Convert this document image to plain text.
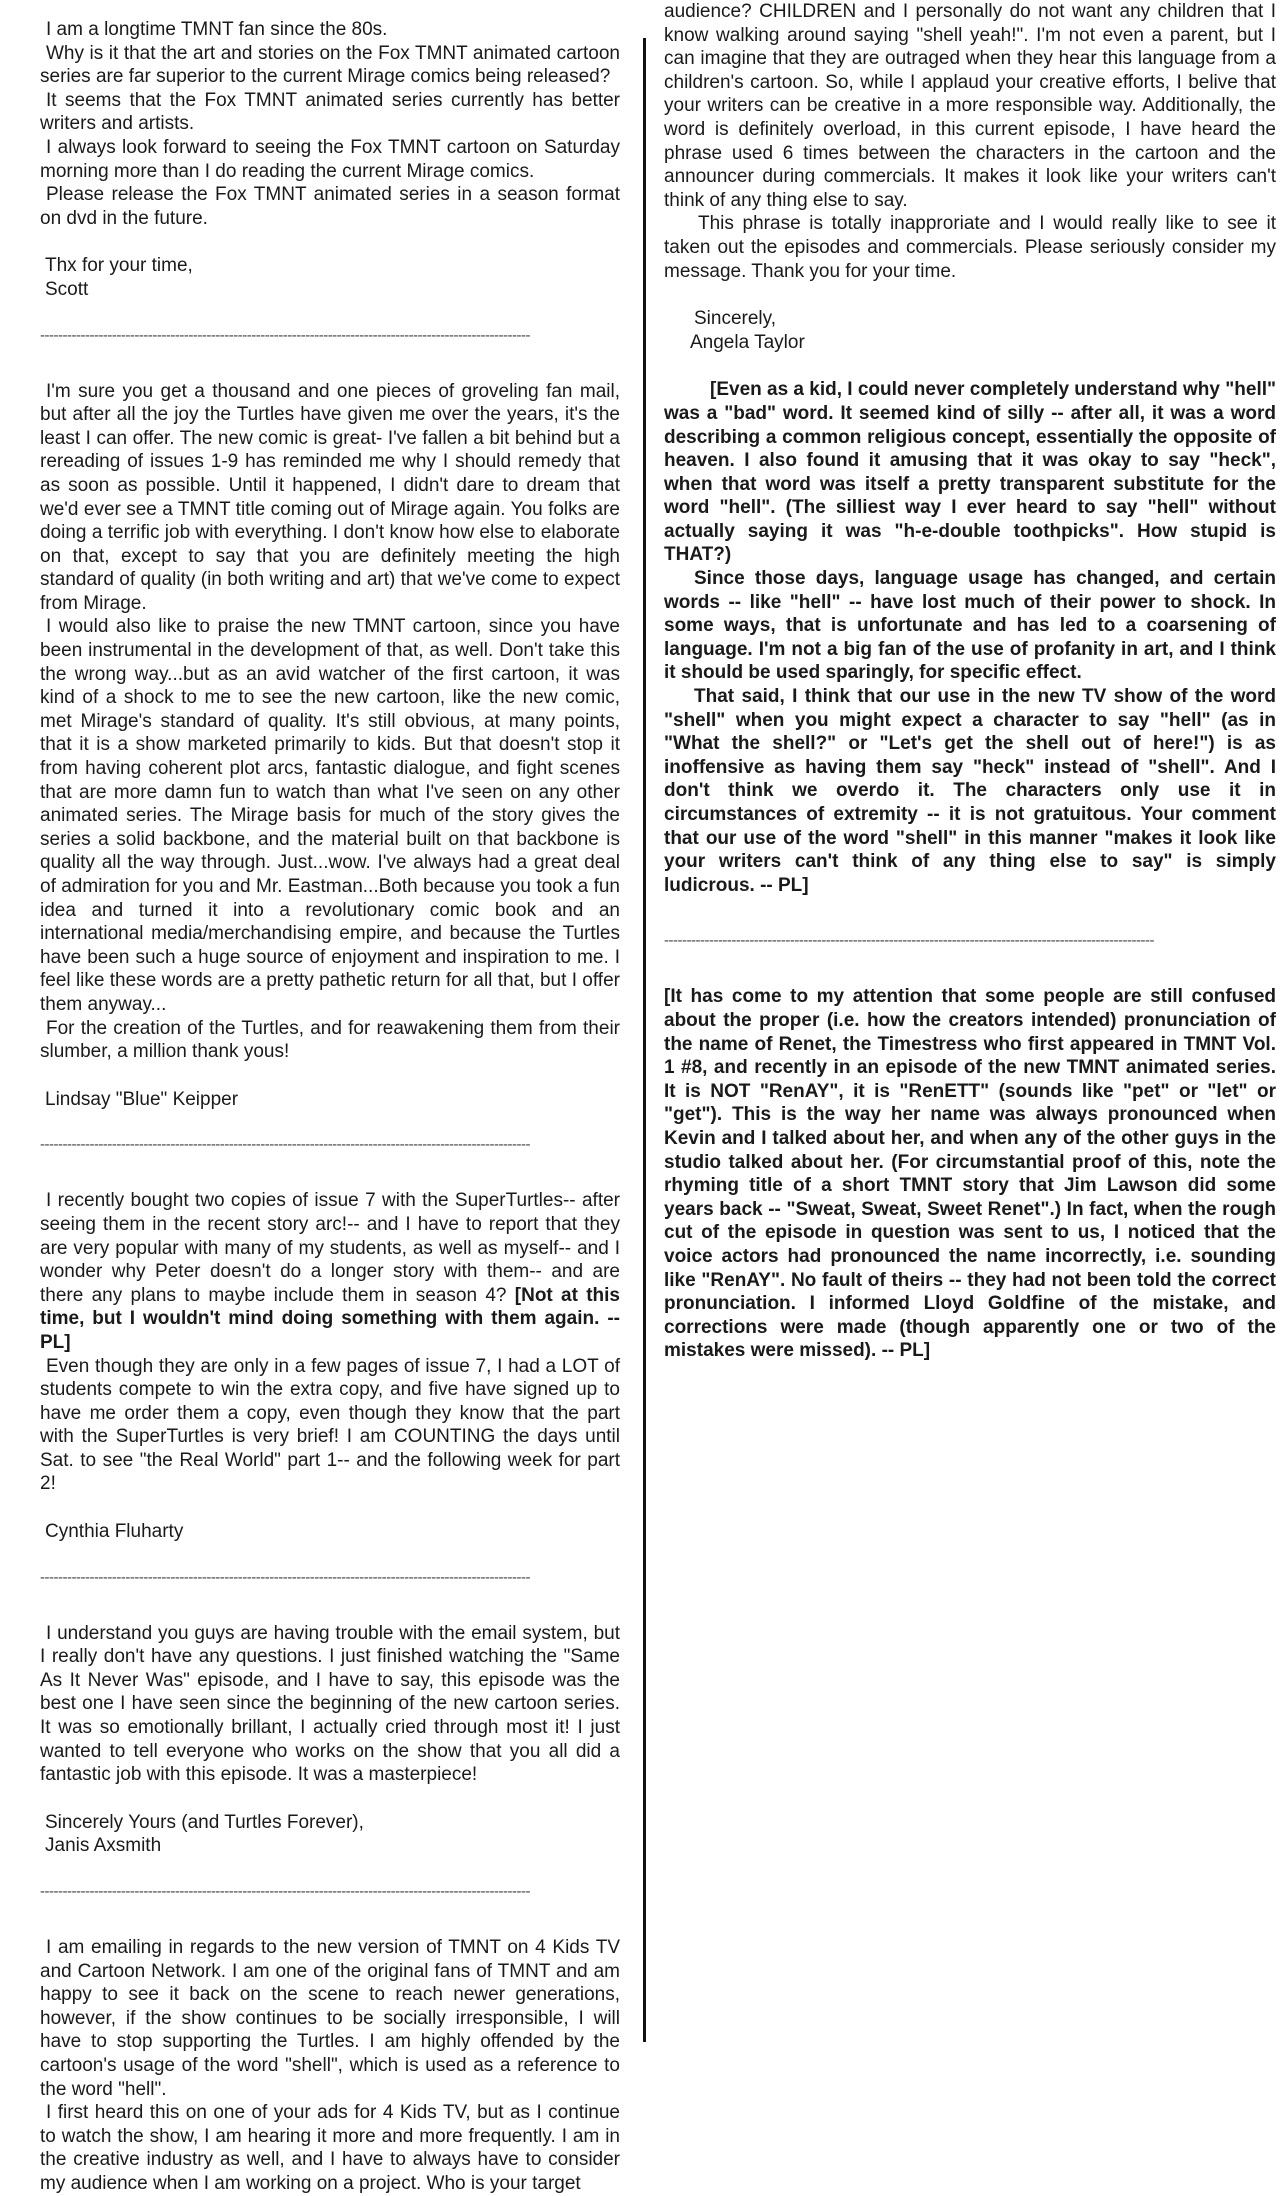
I am a longtime TMNT fan since the 80s.

Why is it that the art and stories on the Fox TMNT animated cartoon series are far superior to the current Mirage comics being released?

It seems that the Fox TMNT animated series currently has better writers and artists.

I always look forward to seeing the Fox TMNT cartoon on Saturday morning more than I do reading the current Mirage comics.

Please release the Fox TMNT animated series in a season format on dvd in the future.

Thx for your time,

Scott

-------------------------------------------------------------------------------------------------------------

I'm sure you get a thousand and one pieces of groveling fan mail, but after all the joy the Turtles have given me over the years, it's the least I can offer. The new comic is great- I've fallen a bit behind but a rereading of issues 1-9 has reminded me why I should remedy that as soon as possible. Until it happened, I didn't dare to dream that we'd ever see a TMNT title coming out of Mirage again. You folks are doing a terrific job with everything. I don't know how else to elaborate on that, except to say that you are definitely meeting the high standard of quality (in both writing and art) that we've come to expect from Mirage.

I would also like to praise the new TMNT cartoon, since you have been instrumental in the development of that, as well. Don't take this the wrong way...but as an avid watcher of the first cartoon, it was kind of a shock to me to see the new cartoon, like the new comic, met Mirage's standard of quality. It's still obvious, at many points, that it is a show marketed primarily to kids. But that doesn't stop it from having coherent plot arcs, fantastic dialogue, and fight scenes that are more damn fun to watch than what I've seen on any other animated series. The Mirage basis for much of the story gives the series a solid backbone, and the material built on that backbone is quality all the way through. Just...wow. I've always had a great deal of admiration for you and Mr. Eastman...Both because you took a fun idea and turned it into a revolutionary comic book and an international media/merchandising empire, and because the Turtles have been such a huge source of enjoyment and inspiration to me. I feel like these words are a pretty pathetic return for all that, but I offer them anyway...

For the creation of the Turtles, and for reawakening them from their slumber, a million thank yous!

Lindsay "Blue" Keipper

-------------------------------------------------------------------------------------------------------------

I recently bought two copies of issue 7 with the SuperTurtles-- after seeing them in the recent story arc!-- and I have to report that they are very popular with many of my students, as well as myself-- and I wonder why Peter doesn't do a longer story with them-- and are there any plans to maybe include them in season 4? [Not at this time, but I wouldn't mind doing something with them again. -- PL]

Even though they are only in a few pages of issue 7, I had a LOT of students compete to win the extra copy, and five have signed up to have me order them a copy, even though they know that the part with the SuperTurtles is very brief! I am COUNTING the days until Sat. to see "the Real World" part 1-- and the following week for part 2!

Cynthia Fluharty

-------------------------------------------------------------------------------------------------------------

I understand you guys are having trouble with the email system, but I really don't have any questions. I just finished watching the "Same As It Never Was" episode, and I have to say, this episode was the best one I have seen since the beginning of the new cartoon series. It was so emotionally brillant, I actually cried through most it! I just wanted to tell everyone who works on the show that you all did a fantastic job with this episode. It was a masterpiece!

Sincerely Yours (and Turtles Forever),

Janis Axsmith

-------------------------------------------------------------------------------------------------------------

I am emailing in regards to the new version of TMNT on 4 Kids TV and Cartoon Network. I am one of the original fans of TMNT and am happy to see it back on the scene to reach newer generations, however, if the show continues to be socially irresponsible, I will have to stop supporting the Turtles. I am highly offended by the cartoon's usage of the word "shell", which is used as a reference to the word "hell".

I first heard this on one of your ads for 4 Kids TV, but as I continue to watch the show, I am hearing it more and more frequently. I am in the creative industry as well, and I have to always have to consider my audience when I am working on a project. Who is your target

audience? CHILDREN and I personally do not want any children that I know walking around saying "shell yeah!". I'm not even a parent, but I can imagine that they are outraged when they hear this language from a children's cartoon. So, while I applaud your creative efforts, I belive that your writers can be creative in a more responsible way. Additionally, the word is definitely overload, in this current episode, I have heard the phrase used 6 times between the characters in the cartoon and the announcer during commercials. It makes it look like your writers can't think of any thing else to say.

This phrase is totally inapproriate and I would really like to see it taken out the episodes and commercials. Please seriously consider my message. Thank you for your time.

Sincerely,

Angela Taylor

[Even as a kid, I could never completely understand why "hell" was a "bad" word. It seemed kind of silly -- after all, it was a word describing a common religious concept, essentially the opposite of heaven. I also found it amusing that it was okay to say "heck", when that word was itself a pretty transparent substitute for the word "hell". (The silliest way I ever heard to say "hell" without actually saying it was "h-e-double toothpicks". How stupid is THAT?)

Since those days, language usage has changed, and certain words -- like "hell" -- have lost much of their power to shock. In some ways, that is unfortunate and has led to a coarsening of language. I'm not a big fan of the use of profanity in art, and I think it should be used sparingly, for specific effect.

That said, I think that our use in the new TV show of the word "shell" when you might expect a character to say "hell" (as in "What the shell?" or "Let's get the shell out of here!") is as inoffensive as having them say "heck" instead of "shell". And I don't think we overdo it. The characters only use it in circumstances of extremity -- it is not gratuitous. Your comment that our use of the word "shell" in this manner "makes it look like your writers can't think of any thing else to say" is simply ludicrous. -- PL]

-------------------------------------------------------------------------------------------------------------

[It has come to my attention that some people are still confused about the proper (i.e. how the creators intended) pronunciation of the name of Renet, the Timestress who first appeared in TMNT Vol. 1 #8, and recently in an episode of the new TMNT animated series. It is NOT "RenAY", it is "RenETT" (sounds like "pet" or "let" or "get"). This is the way her name was always pronounced when Kevin and I talked about her, and when any of the other guys in the studio talked about her. (For circumstantial proof of this, note the rhyming title of a short TMNT story that Jim Lawson did some years back -- "Sweat, Sweat, Sweet Renet".) In fact, when the rough cut of the episode in question was sent to us, I noticed that the voice actors had pronounced the name incorrectly, i.e. sounding like "RenAY". No fault of theirs -- they had not been told the correct pronunciation. I informed Lloyd Goldfine of the mistake, and corrections were made (though apparently one or two of the mistakes were missed). -- PL]
